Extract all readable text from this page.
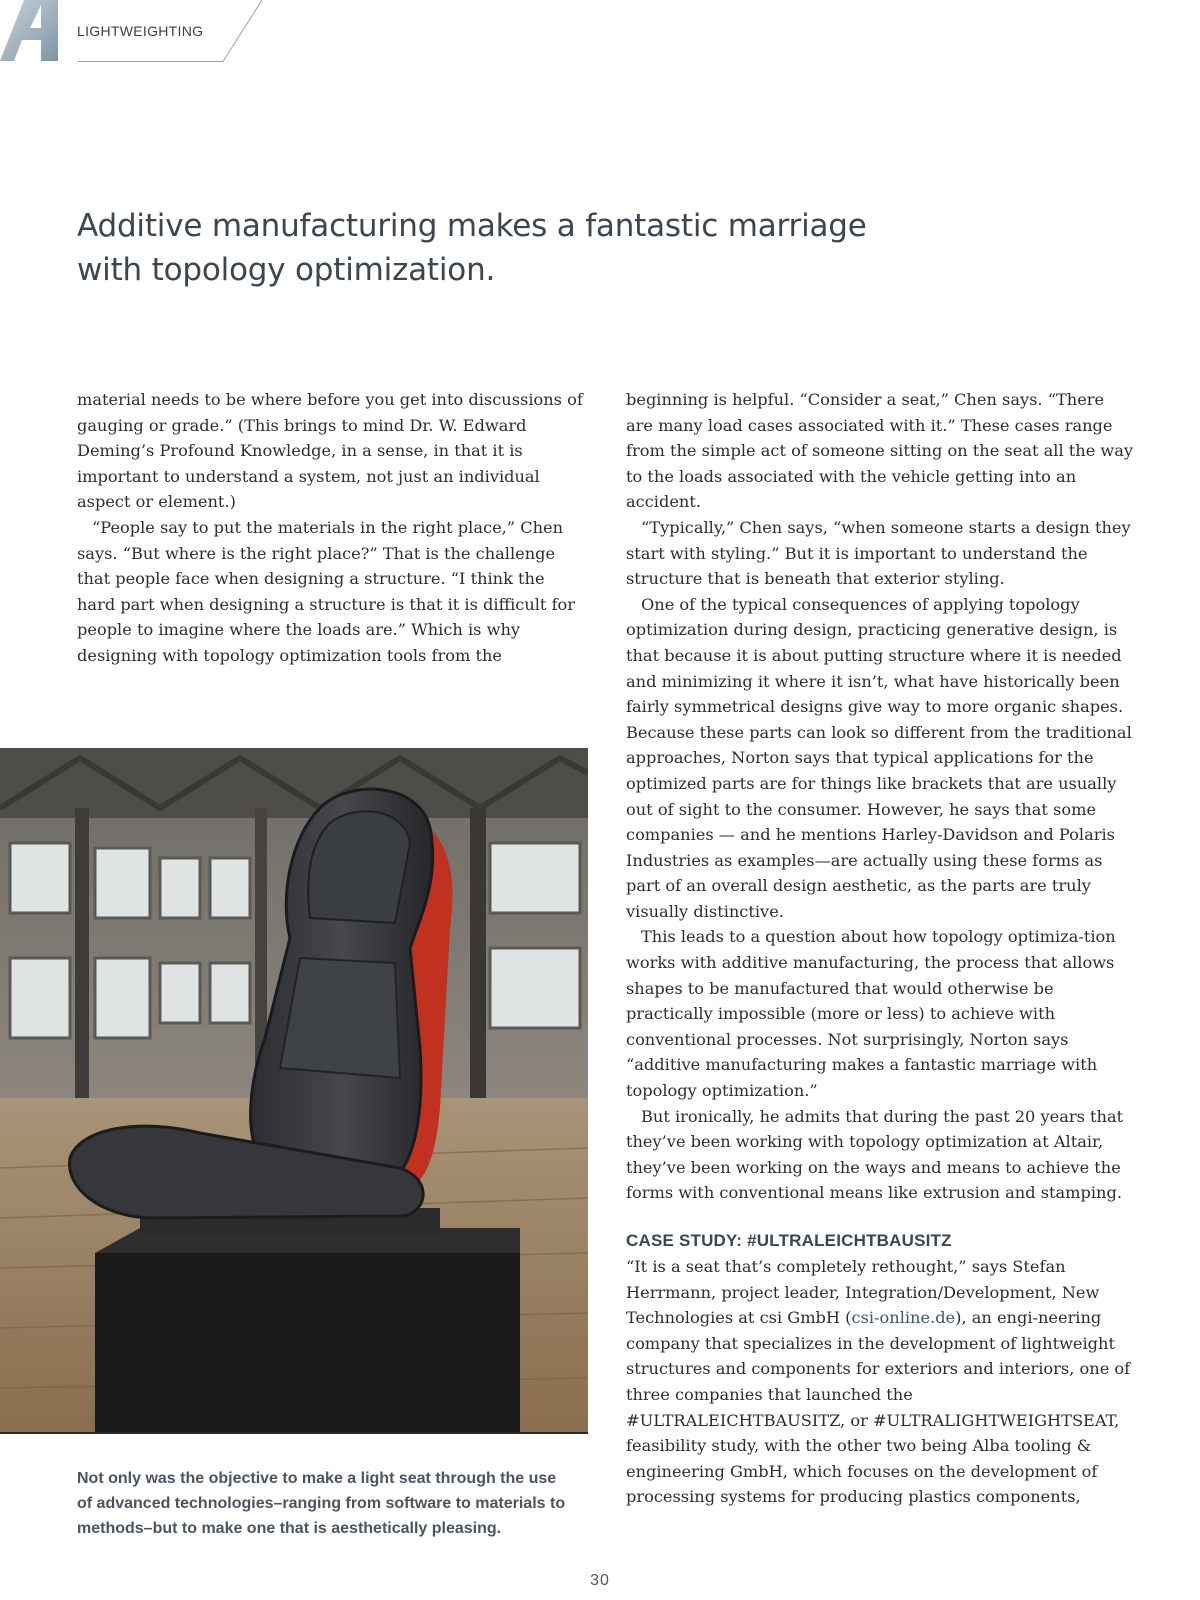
LIGHTWEIGHTING
Additive manufacturing makes a fantastic marriage with topology optimization.

material needs to be where before you get into discussions of gauging or grade.” (This brings to mind Dr. W. Edward Deming’s Profound Knowledge, in a sense, in that it is important to understand a system, not just an individual aspect or element.)

“People say to put the materials in the right place,” Chen says. “But where is the right place?” That is the challenge that people face when designing a structure. “I think the hard part when designing a structure is that it is difficult for people to imagine where the loads are.” Which is why designing with topology optimization tools from the

Not only was the objective to make a light seat through the use of advanced technologies–ranging from software to materials to methods–but to make one that is aesthetically pleasing.

beginning is helpful. “Consider a seat,” Chen says. “There are many load cases associated with it.” These cases range from the simple act of someone sitting on the seat all the way to the loads associated with the vehicle getting into an accident.

“Typically,” Chen says, “when someone starts a design they start with styling.” But it is important to understand the structure that is beneath that exterior styling.

One of the typical consequences of applying topology optimization during design, practicing generative design, is that because it is about putting structure where it is needed and minimizing it where it isn’t, what have historically been fairly symmetrical designs give way to more organic shapes. Because these parts can look so different from the traditional approaches, Norton says that typical applications for the optimized parts are for things like brackets that are usually out of sight to the consumer. However, he says that some companies — and he mentions Harley-Davidson and Polaris Industries as examples—are actually using these forms as part of an overall design aesthetic, as the parts are truly visually distinctive.

This leads to a question about how topology optimiza-tion works with additive manufacturing, the process that allows shapes to be manufactured that would otherwise be practically impossible (more or less) to achieve with conventional processes. Not surprisingly, Norton says “additive manufacturing makes a fantastic marriage with topology optimization.”

But ironically, he admits that during the past 20 years that they’ve been working with topology optimization at Altair, they’ve been working on the ways and means to achieve the forms with conventional means like extrusion and stamping.

CASE STUDY: #ULTRALEICHTBAUSITZ

“It is a seat that’s completely rethought,” says Stefan Herrmann, project leader, Integration/Development, New Technologies at csi GmbH (csi-online.de), an engi-neering company that specializes in the development of lightweight structures and components for exteriors and interiors, one of three companies that launched the #ULTRALEICHTBAUSITZ, or #ULTRALIGHTWEIGHTSEAT, feasibility study, with the other two being Alba tooling & engineering GmbH, which focuses on the development of processing systems for producing plastics components,

30
